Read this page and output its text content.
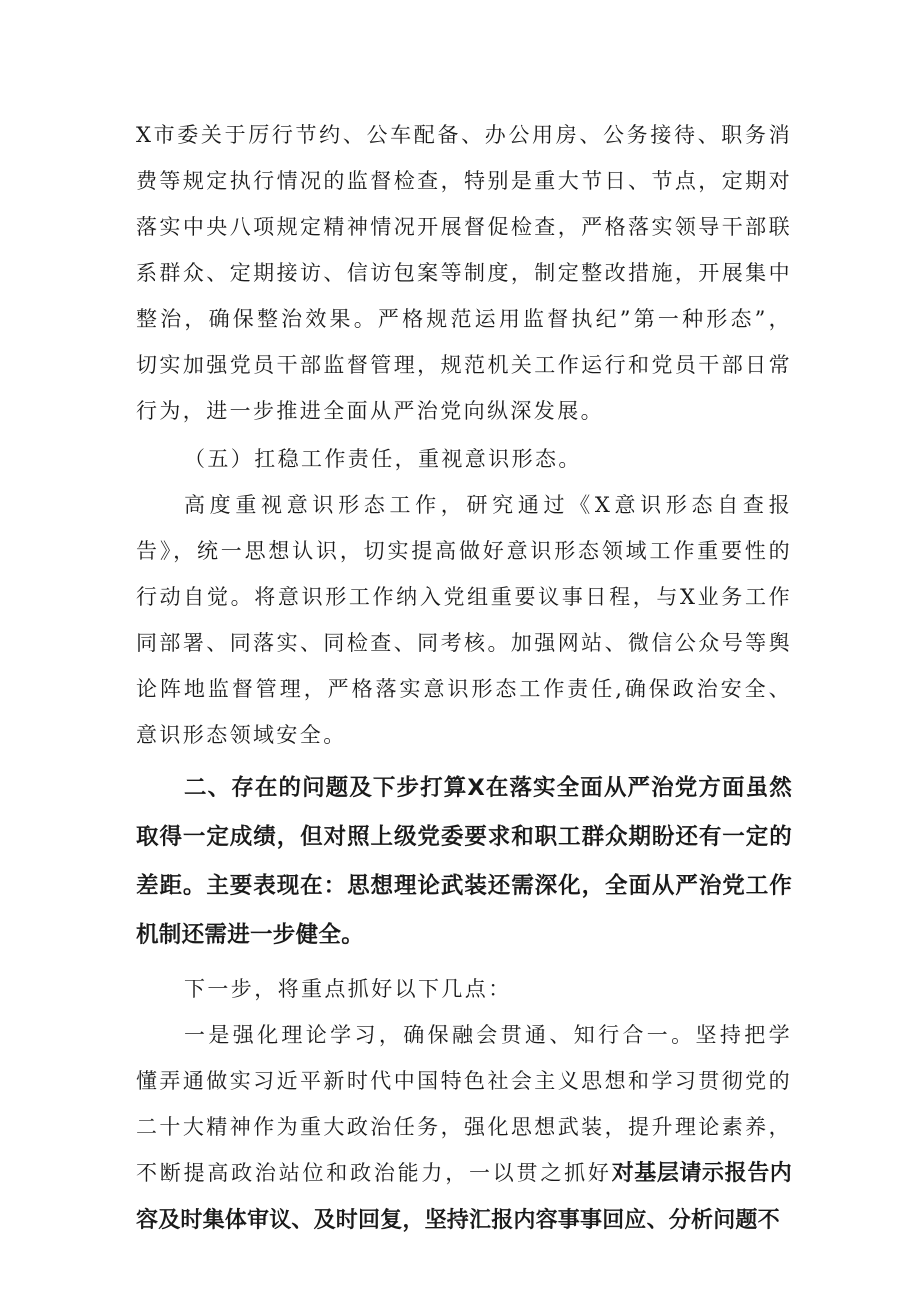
X市委关于厉行节约、公车配备、办公用房、公务接待、职务消费等规定执行情况的监督检查，特别是重大节日、节点，定期对落实中央八项规定精神情况开展督促检查，严格落实领导干部联系群众、定期接访、信访包案等制度，制定整改措施，开展集中整治，确保整治效果。严格规范运用监督执纪”第一种形态”，切实加强党员干部监督管理，规范机关工作运行和党员干部日常行为，进一步推进全面从严治党向纵深发展。

（五）扛稳工作责任，重视意识形态。

高度重视意识形态工作，研究通过《X意识形态自查报告》，统一思想认识，切实提高做好意识形态领域工作重要性的行动自觉。将意识形工作纳入党组重要议事日程，与X业务工作同部署、同落实、同检查、同考核。加强网站、微信公众号等舆论阵地监督管理，严格落实意识形态工作责任,确保政治安全、意识形态领域安全。

二、存在的问题及下步打算X在落实全面从严治党方面虽然取得一定成绩，但对照上级党委要求和职工群众期盼还有一定的差距。主要表现在：思想理论武装还需深化，全面从严治党工作机制还需进一步健全。

下一步，将重点抓好以下几点：

一是强化理论学习，确保融会贯通、知行合一。坚持把学懂弄通做实习近平新时代中国特色社会主义思想和学习贯彻党的二十大精神作为重大政治任务，强化思想武装，提升理论素养，不断提高政治站位和政治能力，一以贯之抓好对基层请示报告内容及时集体审议、及时回复，坚持汇报内容事事回应、分析问题不
